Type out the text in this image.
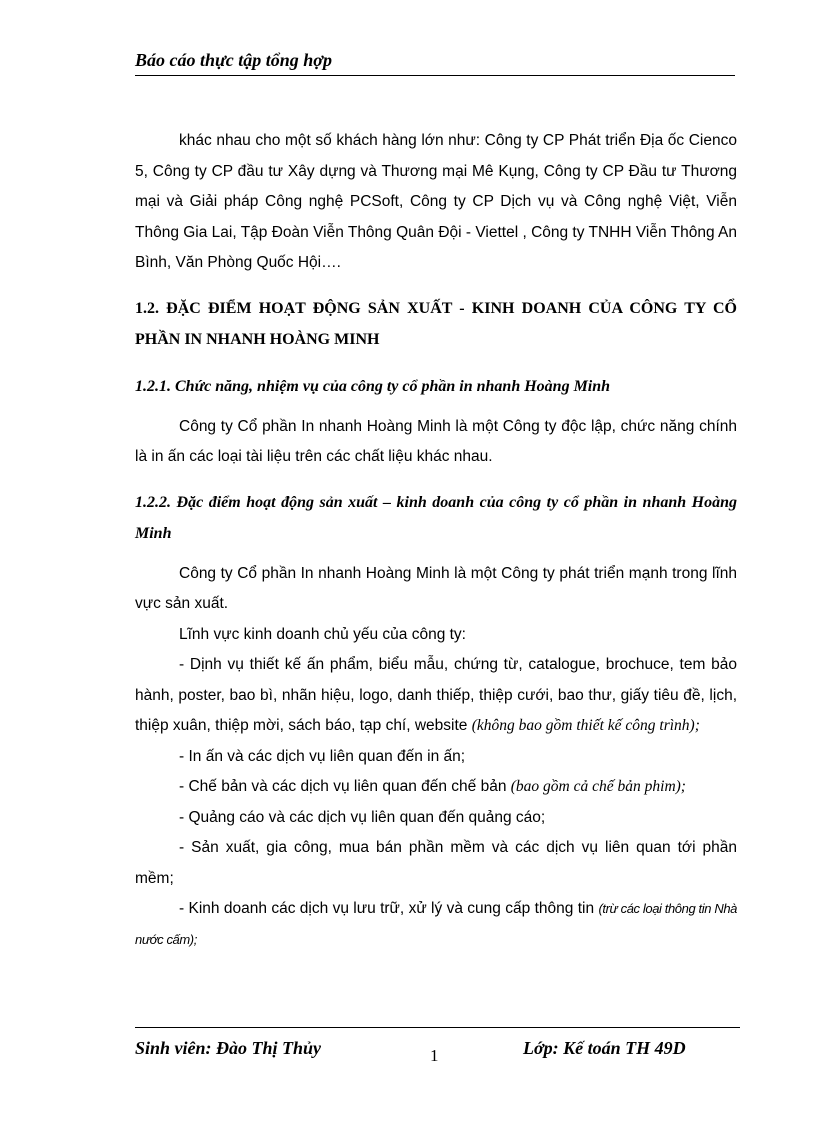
Báo cáo thực tập tổng hợp

khác nhau cho một số khách hàng lớn như: Công ty CP Phát triển Địa ốc Cienco 5, Công ty CP đầu tư Xây dựng và Thương mại Mê Kụng, Công ty CP Đầu tư Thương mại và Giải pháp Công nghệ PCSoft, Công ty CP Dịch vụ và Công nghệ Việt, Viễn Thông Gia Lai, Tập Đoàn Viễn Thông Quân Đội - Viettel , Công ty TNHH Viễn Thông An Bình, Văn Phòng Quốc Hội….

1.2. ĐẶC ĐIỂM HOẠT ĐỘNG SẢN XUẤT - KINH DOANH CỦA CÔNG TY CỔ PHẦN IN NHANH HOÀNG MINH
1.2.1. Chức năng, nhiệm vụ của công ty cổ phần in nhanh Hoàng Minh

Công ty Cổ phần In nhanh Hoàng Minh là một Công ty độc lập, chức năng chính là in ấn các loại tài liệu trên các chất liệu khác nhau.

1.2.2. Đặc điểm hoạt động sản xuất – kinh doanh của công ty cổ phần in nhanh Hoàng Minh

Công ty Cổ phần In nhanh Hoàng Minh là một Công ty phát triển mạnh trong lĩnh vực sản xuất.

Lĩnh vực kinh doanh chủ yếu của công ty:

- Dịnh vụ thiết kế ấn phẩm, biểu mẫu, chứng từ, catalogue, brochuce, tem bảo hành, poster, bao bì, nhãn hiệu, logo, danh thiếp, thiệp cưới, bao thư, giấy tiêu đề, lịch, thiệp xuân, thiệp mời, sách báo, tạp chí, website (không bao gồm thiết kế công trình);

- In ấn và các dịch vụ liên quan đến in ấn;

- Chế bản và các dịch vụ liên quan đến chế bản (bao gồm cả chế bản phim);

- Quảng cáo và các dịch vụ liên quan đến quảng cáo;

- Sản xuất, gia công, mua bán phần mềm và các dịch vụ liên quan tới phần mềm;

- Kinh doanh các dịch vụ lưu trữ, xử lý và cung cấp thông tin (trừ các loại thông tin Nhà nước cấm);

Sinh viên: Đào Thị Thủy	1	Lớp: Kế toán TH 49D
